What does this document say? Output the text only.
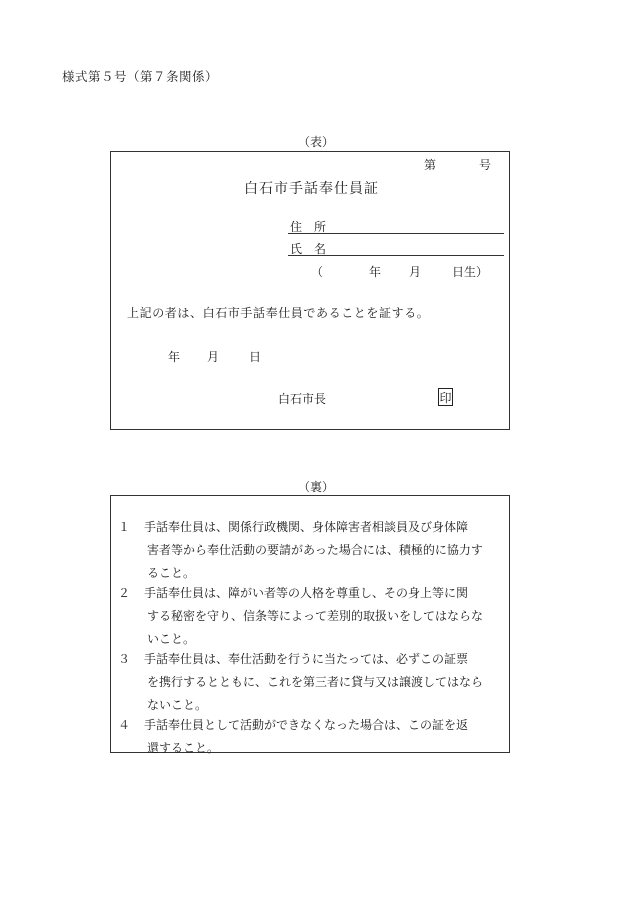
様式第５号（第７条関係）
（表）
第	号
白石市手話奉仕員証
住　所
氏　名
（	年 月	日生）
上記の者は、白石市手話奉仕員であることを証する。
年 月 日
白石市長	印
（裏）
１	手話奉仕員は、関係行政機関、身体障害者相談員及び身体障
害者等から奉仕活動の要請があった場合には、積極的に協力す
ること。
２	手話奉仕員は、障がい者等の人格を尊重し、その身上等に関
する秘密を守り、信条等によって差別的取扱いをしてはならな
いこと。
３	手話奉仕員は、奉仕活動を行うに当たっては、必ずこの証票
を携行するとともに、これを第三者に貸与又は譲渡してはなら
ないこと。
４	手話奉仕員として活動ができなくなった場合は、この証を返
還すること。
